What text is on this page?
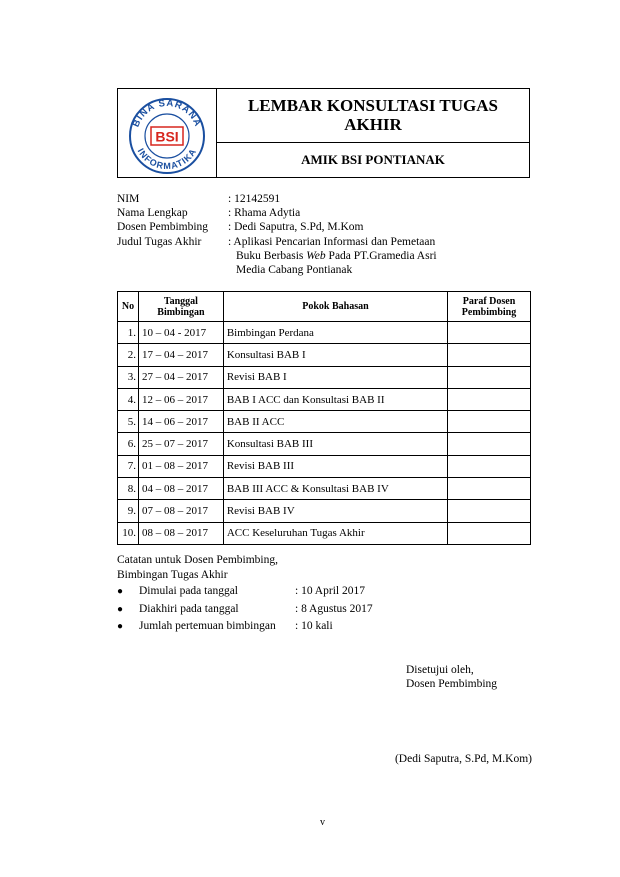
BINA SARANA
INFORMATIKA
BSI
LEMBAR KONSULTASI TUGAS AKHIR
AMIK BSI PONTIANAK
NIM	: 12142591
Nama Lengkap	: Rhama Adytia
Dosen Pembimbing	: Dedi Saputra, S.Pd, M.Kom
Judul Tugas Akhir	: Aplikasi Pencarian Informasi dan Pemetaan
Buku Berbasis Web Pada PT.Gramedia Asri
Media Cabang Pontianak
No	Tanggal Bimbingan	Pokok Bahasan	Paraf Dosen Pembimbing
1.	10 – 04 - 2017	Bimbingan Perdana	
2.	17 – 04 – 2017	Konsultasi BAB I	
3.	27 – 04 – 2017	Revisi BAB I	
4.	12 – 06 – 2017	BAB I ACC dan Konsultasi BAB II	
5.	14 – 06 – 2017	BAB II ACC	
6.	25 – 07 – 2017	Konsultasi BAB III	
7.	01 – 08 – 2017	Revisi BAB III	
8.	04 – 08 – 2017	BAB III ACC & Konsultasi BAB IV	
9.	07 – 08 – 2017	Revisi BAB IV	
10.	08 – 08 – 2017	ACC Keseluruhan Tugas Akhir	
Catatan untuk Dosen Pembimbing,
Bimbingan Tugas Akhir
●	Dimulai pada tanggal	: 10 April 2017
●	Diakhiri pada tanggal	: 8 Agustus 2017
●	Jumlah pertemuan bimbingan	: 10 kali
Disetujui oleh,
Dosen Pembimbing
(Dedi Saputra, S.Pd, M.Kom)
v
